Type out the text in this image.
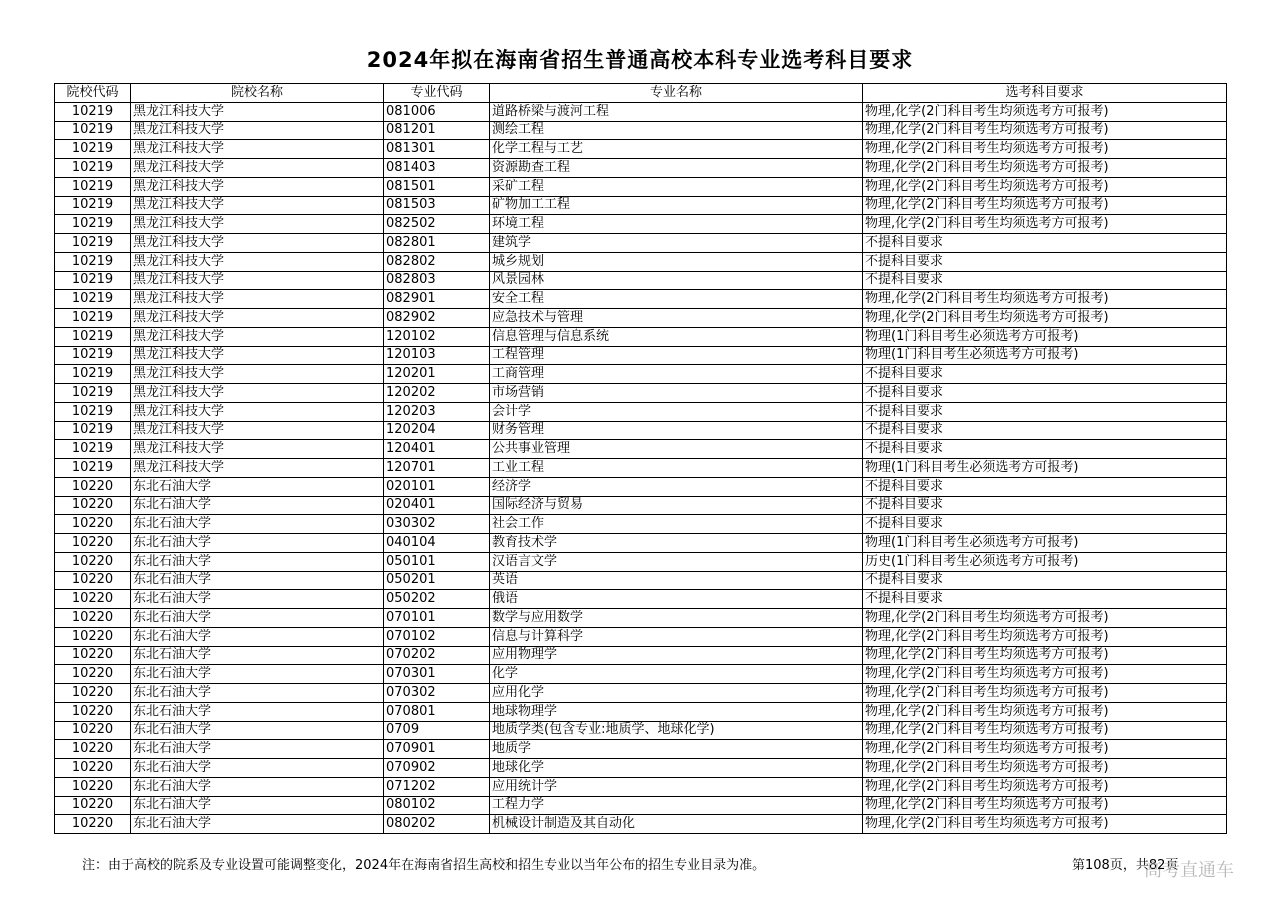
2024年拟在海南省招生普通高校本科专业选考科目要求
院校代码	院校名称	专业代码	专业名称	选考科目要求
10219	黑龙江科技大学	081006	道路桥梁与渡河工程	物理,化学(2门科目考生均须选考方可报考)
10219	黑龙江科技大学	081201	测绘工程	物理,化学(2门科目考生均须选考方可报考)
10219	黑龙江科技大学	081301	化学工程与工艺	物理,化学(2门科目考生均须选考方可报考)
10219	黑龙江科技大学	081403	资源勘查工程	物理,化学(2门科目考生均须选考方可报考)
10219	黑龙江科技大学	081501	采矿工程	物理,化学(2门科目考生均须选考方可报考)
10219	黑龙江科技大学	081503	矿物加工工程	物理,化学(2门科目考生均须选考方可报考)
10219	黑龙江科技大学	082502	环境工程	物理,化学(2门科目考生均须选考方可报考)
10219	黑龙江科技大学	082801	建筑学	不提科目要求
10219	黑龙江科技大学	082802	城乡规划	不提科目要求
10219	黑龙江科技大学	082803	风景园林	不提科目要求
10219	黑龙江科技大学	082901	安全工程	物理,化学(2门科目考生均须选考方可报考)
10219	黑龙江科技大学	082902	应急技术与管理	物理,化学(2门科目考生均须选考方可报考)
10219	黑龙江科技大学	120102	信息管理与信息系统	物理(1门科目考生必须选考方可报考)
10219	黑龙江科技大学	120103	工程管理	物理(1门科目考生必须选考方可报考)
10219	黑龙江科技大学	120201	工商管理	不提科目要求
10219	黑龙江科技大学	120202	市场营销	不提科目要求
10219	黑龙江科技大学	120203	会计学	不提科目要求
10219	黑龙江科技大学	120204	财务管理	不提科目要求
10219	黑龙江科技大学	120401	公共事业管理	不提科目要求
10219	黑龙江科技大学	120701	工业工程	物理(1门科目考生必须选考方可报考)
10220	东北石油大学	020101	经济学	不提科目要求
10220	东北石油大学	020401	国际经济与贸易	不提科目要求
10220	东北石油大学	030302	社会工作	不提科目要求
10220	东北石油大学	040104	教育技术学	物理(1门科目考生必须选考方可报考)
10220	东北石油大学	050101	汉语言文学	历史(1门科目考生必须选考方可报考)
10220	东北石油大学	050201	英语	不提科目要求
10220	东北石油大学	050202	俄语	不提科目要求
10220	东北石油大学	070101	数学与应用数学	物理,化学(2门科目考生均须选考方可报考)
10220	东北石油大学	070102	信息与计算科学	物理,化学(2门科目考生均须选考方可报考)
10220	东北石油大学	070202	应用物理学	物理,化学(2门科目考生均须选考方可报考)
10220	东北石油大学	070301	化学	物理,化学(2门科目考生均须选考方可报考)
10220	东北石油大学	070302	应用化学	物理,化学(2门科目考生均须选考方可报考)
10220	东北石油大学	070801	地球物理学	物理,化学(2门科目考生均须选考方可报考)
10220	东北石油大学	0709	地质学类(包含专业:地质学、地球化学)	物理,化学(2门科目考生均须选考方可报考)
10220	东北石油大学	070901	地质学	物理,化学(2门科目考生均须选考方可报考)
10220	东北石油大学	070902	地球化学	物理,化学(2门科目考生均须选考方可报考)
10220	东北石油大学	071202	应用统计学	物理,化学(2门科目考生均须选考方可报考)
10220	东北石油大学	080102	工程力学	物理,化学(2门科目考生均须选考方可报考)
10220	东北石油大学	080202	机械设计制造及其自动化	物理,化学(2门科目考生均须选考方可报考)
注：由于高校的院系及专业设置可能调整变化，2024年在海南省招生高校和招生专业以当年公布的招生专业目录为准。	第108页，共82页
高考直通车
